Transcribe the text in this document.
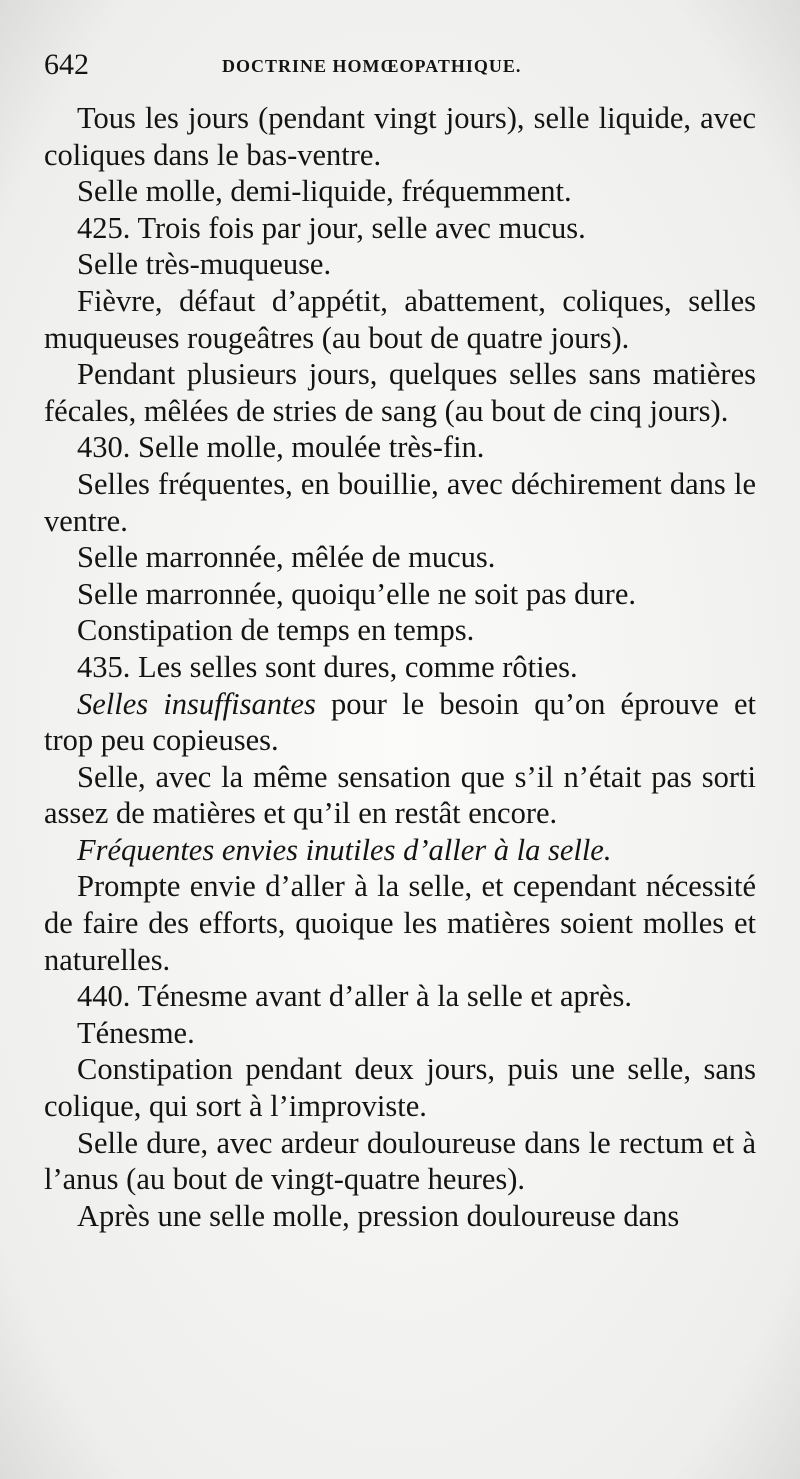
642	DOCTRINE HOMŒOPATHIQUE.

Tous les jours (pendant vingt jours), selle liquide, avec coliques dans le bas-ventre.

Selle molle, demi-liquide, fréquemment.

425. Trois fois par jour, selle avec mucus.

Selle très-muqueuse.

Fièvre, défaut d’appétit, abattement, coliques, selles muqueuses rougeâtres (au bout de quatre jours).

Pendant plusieurs jours, quelques selles sans matières fécales, mêlées de stries de sang (au bout de cinq jours).

430. Selle molle, moulée très-fin.

Selles fréquentes, en bouillie, avec déchirement dans le ventre.

Selle marronnée, mêlée de mucus.

Selle marronnée, quoiqu’elle ne soit pas dure.

Constipation de temps en temps.

435. Les selles sont dures, comme rôties.

Selles insuffisantes pour le besoin qu’on éprouve et trop peu copieuses.

Selle, avec la même sensation que s’il n’était pas sorti assez de matières et qu’il en restât encore.

Fréquentes envies inutiles d’aller à la selle.

Prompte envie d’aller à la selle, et cependant nécessité de faire des efforts, quoique les matières soient molles et naturelles.

440. Ténesme avant d’aller à la selle et après.

Ténesme.

Constipation pendant deux jours, puis une selle, sans colique, qui sort à l’improviste.

Selle dure, avec ardeur douloureuse dans le rectum et à l’anus (au bout de vingt-quatre heures).

Après une selle molle, pression douloureuse dans
